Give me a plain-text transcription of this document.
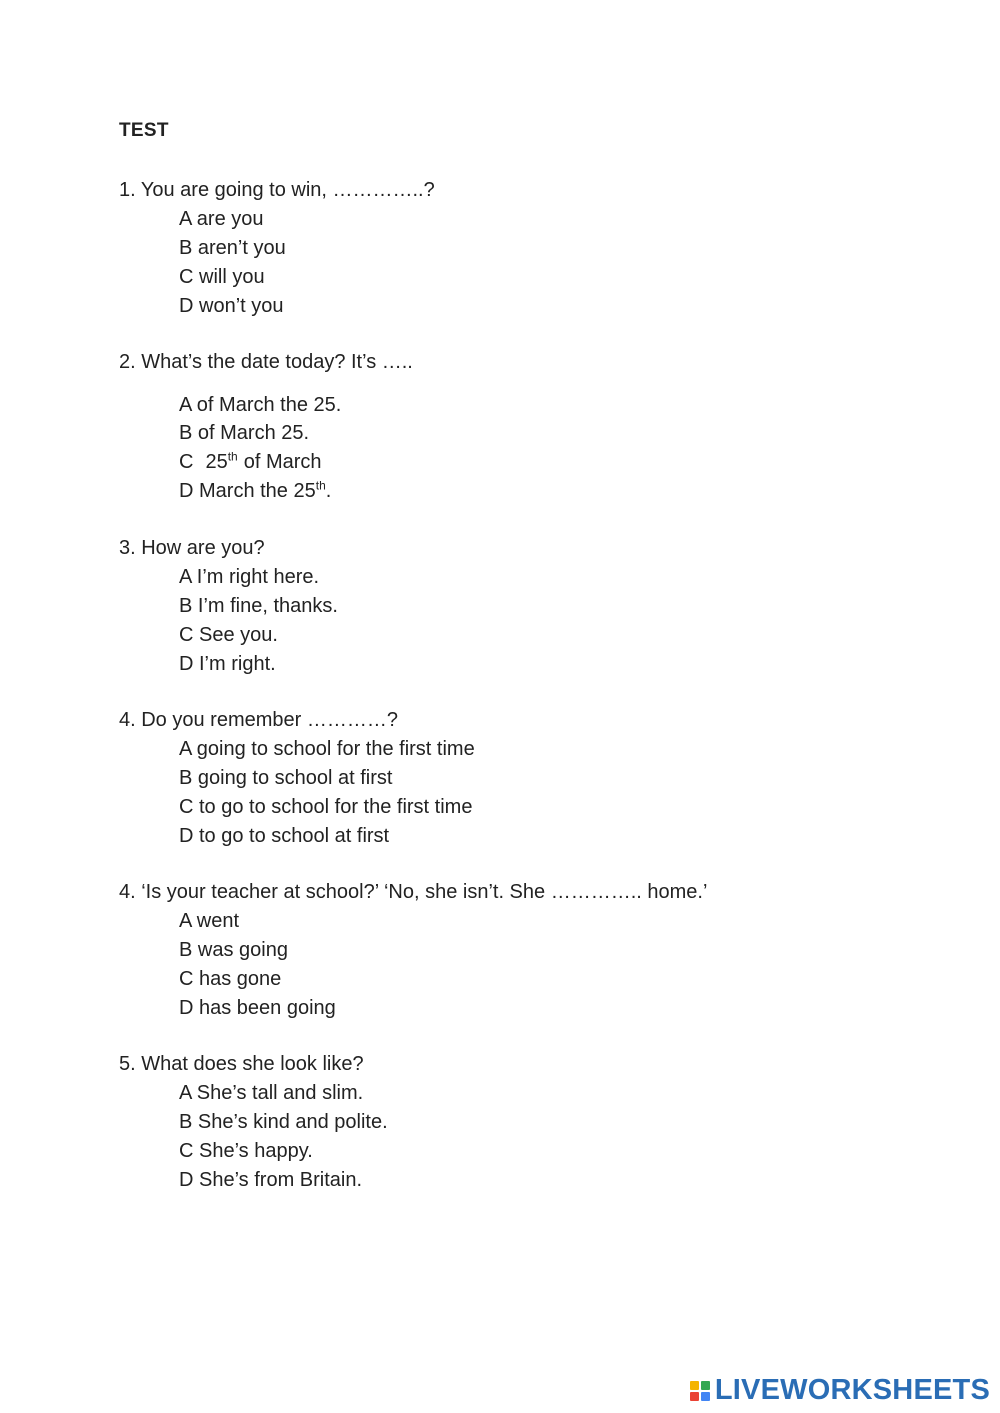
TEST
1. You are going to win, …………..?
A are you
B aren’t you
C will you
D won’t you
2. What’s the date today? It’s …..
A of March the 25.
B of March 25.
C 25th of March
D March the 25th.
3. How are you?
A I’m right here.
B I’m fine, thanks.
C See you.
D I’m right.
4. Do you remember …………?
A going to school for the first time
B going to school at first
C to go to school for the first time
D to go to school at first
4. ‘Is your teacher at school?’ ‘No, she isn’t. She ………….. home.’
A went
B was going
C has gone
D has been going
5. What does she look like?
A She’s tall and slim.
B She’s kind and polite.
C She’s happy.
D She’s from Britain.
LIVEWORKSHEETS
